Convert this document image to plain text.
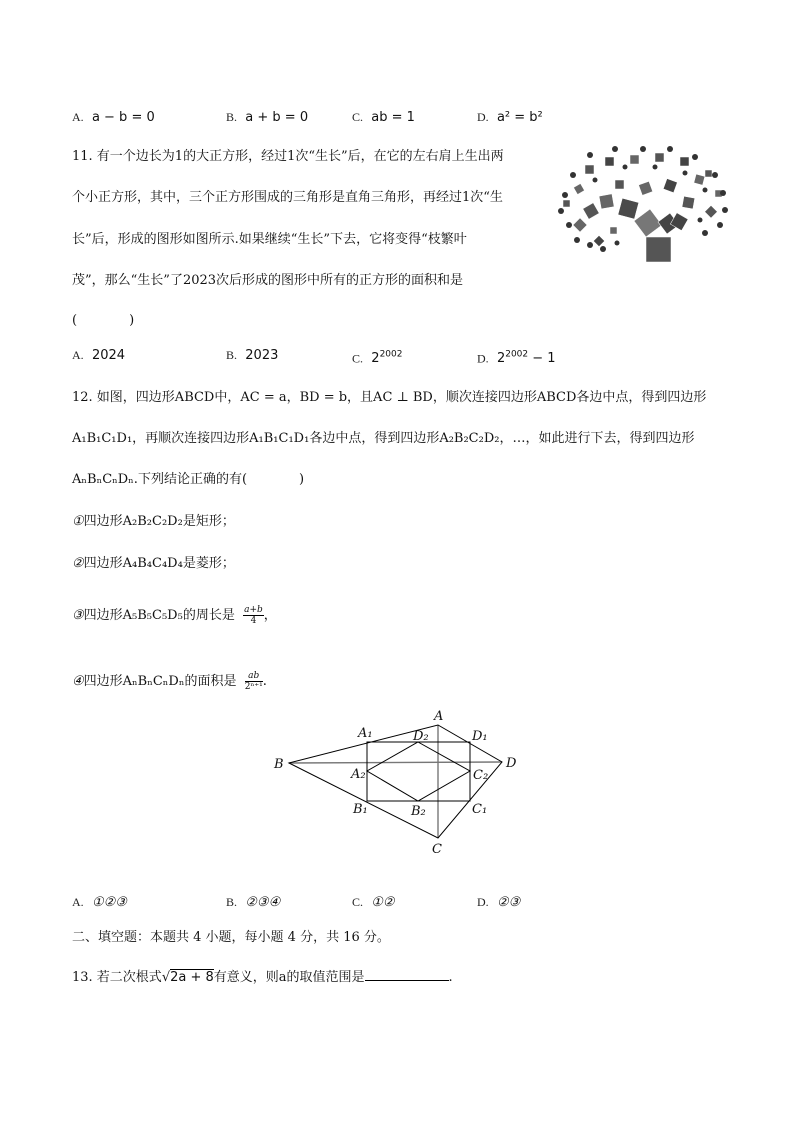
A. a − b = 0	B. a + b = 0	C. ab = 1	D. a² = b²
11. 有一个边长为1的大正方形，经过1次“生长”后，在它的左右肩上生出两
个小正方形，其中，三个正方形围成的三角形是直角三角形，再经过1次“生
长”后，形成的图形如图所示.如果继续“生长”下去，它将变得“枝繁叶
茂”，那么“生长”了2023次后形成的图形中所有的正方形的面积和是
(　　　　)
A. 2024	B. 2023	C. $2^{2002}$	D. $2^{2002} - 1$
12. 如图，四边形ABCD中，AC = a，BD = b，且AC ⊥ BD，顺次连接四边形ABCD各边中点，得到四边形
A₁B₁C₁D₁，再顺次连接四边形A₁B₁C₁D₁各边中点，得到四边形A₂B₂C₂D₂，…，如此进行下去，得到四边形
AₙBₙCₙDₙ.下列结论正确的有(　　　　)
①四边形A₂B₂C₂D₂是矩形；
②四边形A₄B₄C₄D₄是菱形；
③四边形A₅B₅C₅D₅的周长是 $\frac{a+b}{4}$ ，
④四边形AₙBₙCₙDₙ的面积是 $\frac{ab}{\text{2ⁿ⁺¹}}$ .
A
B	D
C
A₁	D₂	D₁
A₂	C₂
B₁	B₂	C₁
A. ①②③	B. ②③④	C. ①②	D. ②③
二、填空题：本题共 4 小题，每小题 4 分，共 16 分。
13. 若二次根式√2a + 8有意义，则a的取值范围是	.
